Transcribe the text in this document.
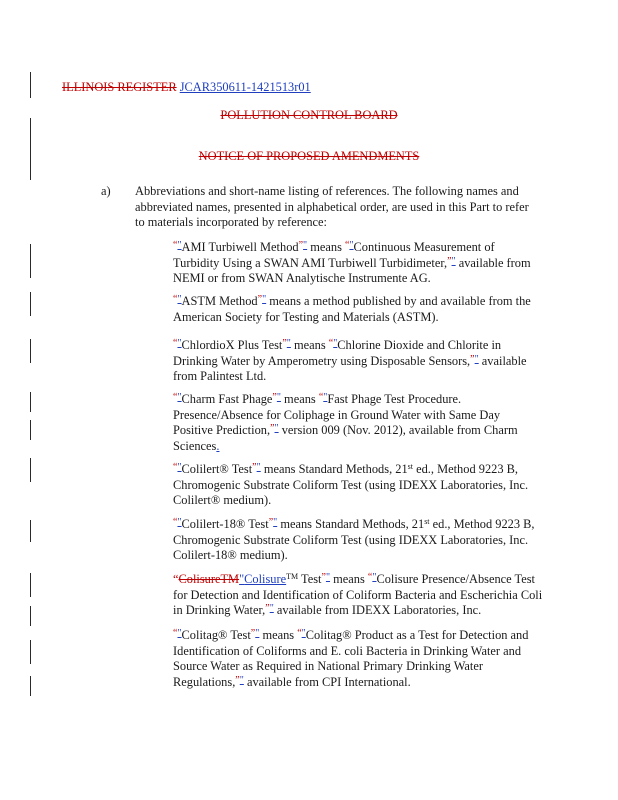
ILLINOIS REGISTER JCAR350611-1421513r01
POLLUTION CONTROL BOARD
NOTICE OF PROPOSED AMENDMENTS
a) Abbreviations and short-name listing of references. The following names and abbreviated names, presented in alphabetical order, are used in this Part to refer to materials incorporated by reference:

“"AMI Turbiwell Method”" means “"Continuous Measurement of Turbidity Using a SWAN AMI Turbiwell Turbidimeter,”" available from NEMI or from SWAN Analytische Instrumente AG.

“"ASTM Method”" means a method published by and available from the American Society for Testing and Materials (ASTM).

“"ChlordioX Plus Test”" means “"Chlorine Dioxide and Chlorite in Drinking Water by Amperometry using Disposable Sensors,”" available from Palintest Ltd.

“"Charm Fast Phage”" means “"Fast Phage Test Procedure. Presence/Absence for Coliphage in Ground Water with Same Day Positive Prediction,”" version 009 (Nov. 2012), available from Charm Sciences.

“"Colilert® Test”" means Standard Methods, 21st ed., Method 9223 B, Chromogenic Substrate Coliform Test (using IDEXX Laboratories, Inc. Colilert® medium).

“"Colilert-18® Test”" means Standard Methods, 21st ed., Method 9223 B, Chromogenic Substrate Coliform Test (using IDEXX Laboratories, Inc. Colilert-18® medium).

“ColisureTM"Colisure™ Test”" means “"Colisure Presence/Absence Test for Detection and Identification of Coliform Bacteria and Escherichia Coli in Drinking Water,”" available from IDEXX Laboratories, Inc.

“"Colitag® Test”" means “"Colitag® Product as a Test for Detection and Identification of Coliforms and E. coli Bacteria in Drinking Water and Source Water as Required in National Primary Drinking Water Regulations,”" available from CPI International.
